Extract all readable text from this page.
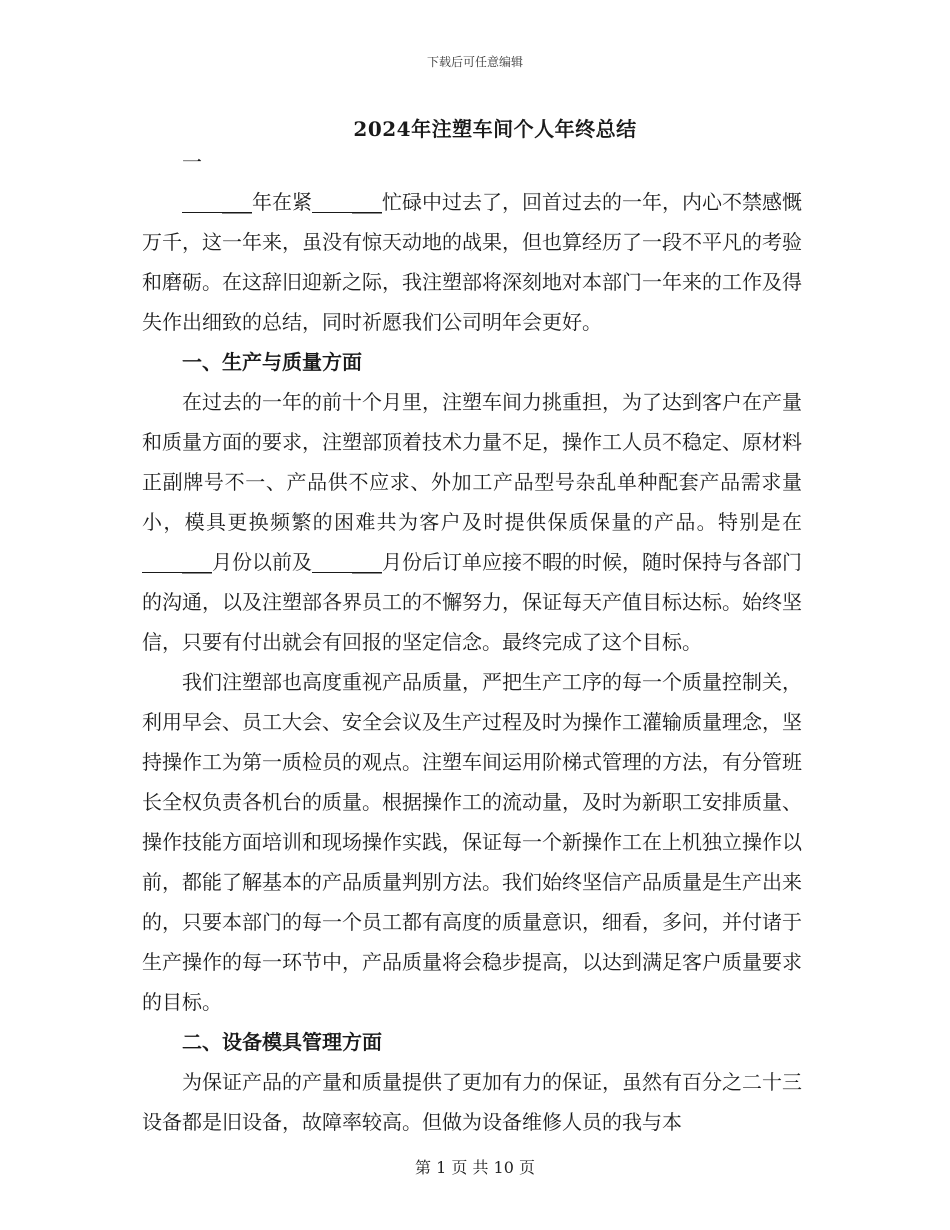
下载后可任意编辑
2024年注塑车间个人年终总结

一

___年在紧 ___忙碌中过去了，回首过去的一年，内心不禁感慨万千，这一年来，虽没有惊天动地的战果，但也算经历了一段不平凡的考验和磨砺。在这辞旧迎新之际，我注塑部将深刻地对本部门一年来的工作及得失作出细致的总结，同时祈愿我们公司明年会更好。

一、生产与质量方面

在过去的一年的前十个月里，注塑车间力挑重担，为了达到客户在产量和质量方面的要求，注塑部顶着技术力量不足，操作工人员不稳定、原材料正副牌号不一、产品供不应求、外加工产品型号杂乱单种配套产品需求量小，模具更换频繁的困难共为客户及时提供保质保量的产品。特别是在___月份以前及 ___月份后订单应接不暇的时候，随时保持与各部门的沟通，以及注塑部各界员工的不懈努力，保证每天产值目标达标。始终坚信，只要有付出就会有回报的坚定信念。最终完成了这个目标。

我们注塑部也高度重视产品质量，严把生产工序的每一个质量控制关，利用早会、员工大会、安全会议及生产过程及时为操作工灌输质量理念，坚持操作工为第一质检员的观点。注塑车间运用阶梯式管理的方法，有分管班长全权负责各机台的质量。根据操作工的流动量，及时为新职工安排质量、操作技能方面培训和现场操作实践，保证每一个新操作工在上机独立操作以前，都能了解基本的产品质量判别方法。我们始终坚信产品质量是生产出来的，只要本部门的每一个员工都有高度的质量意识，细看，多问，并付诸于生产操作的每一环节中，产品质量将会稳步提高，以达到满足客户质量要求的目标。

二、设备模具管理方面

为保证产品的产量和质量提供了更加有力的保证，虽然有百分之二十三设备都是旧设备，故障率较高。但做为设备维修人员的我与本

第 1 页 共 10 页
